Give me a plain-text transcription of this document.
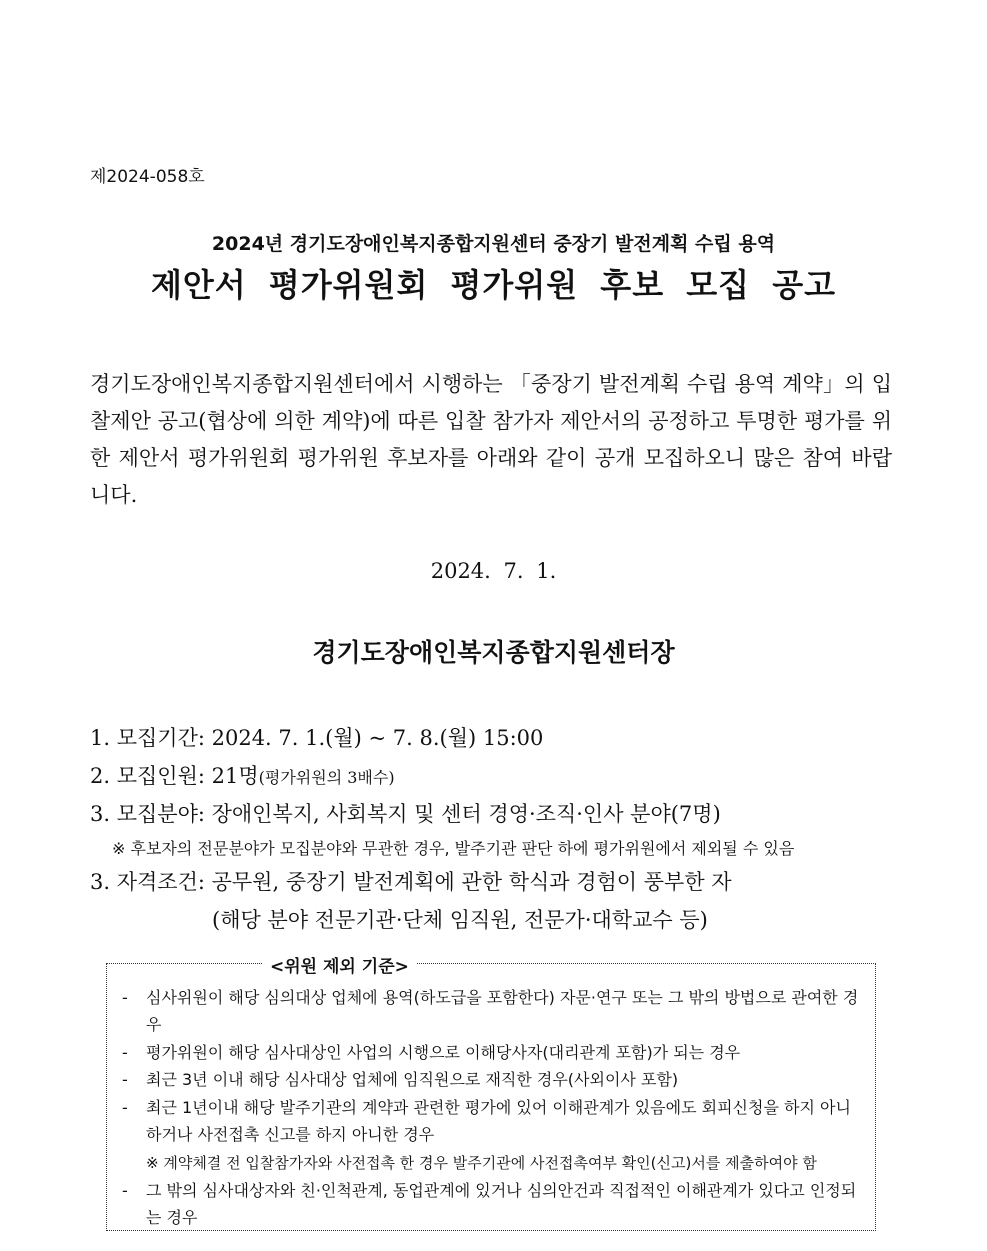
제2024-058호
2024년 경기도장애인복지종합지원센터 중장기 발전계획 수립 용역
제안서 평가위원회 평가위원 후보 모집 공고
경기도장애인복지종합지원센터에서 시행하는 「중장기 발전계획 수립 용역 계약」의 입찰제안 공고(협상에 의한 계약)에 따른 입찰 참가자 제안서의 공정하고 투명한 평가를 위한 제안서 평가위원회 평가위원 후보자를 아래와 같이 공개 모집하오니 많은 참여 바랍니다.
2024. 7. 1.
경기도장애인복지종합지원센터장
1. 모집기간: 2024. 7. 1.(월) ~ 7. 8.(월) 15:00
2. 모집인원: 21명(평가위원의 3배수)
3. 모집분야: 장애인복지, 사회복지 및 센터 경영·조직·인사 분야(7명)
※ 후보자의 전문분야가 모집분야와 무관한 경우, 발주기관 판단 하에 평가위원에서 제외될 수 있음
3. 자격조건: 공무원, 중장기 발전계획에 관한 학식과 경험이 풍부한 자
(해당 분야 전문기관·단체 임직원, 전문가·대학교수 등)
<위원 제외 기준>
- 심사위원이 해당 심의대상 업체에 용역(하도급을 포함한다) 자문·연구 또는 그 밖의 방법으로 관여한 경우
- 평가위원이 해당 심사대상인 사업의 시행으로 이해당사자(대리관계 포함)가 되는 경우
- 최근 3년 이내 해당 심사대상 업체에 임직원으로 재직한 경우(사외이사 포함)
- 최근 1년이내 해당 발주기관의 계약과 관련한 평가에 있어 이해관계가 있음에도 회피신청을 하지 아니하거나 사전접촉 신고를 하지 아니한 경우
※ 계약체결 전 입찰참가자와 사전접촉 한 경우 발주기관에 사전접촉여부 확인(신고)서를 제출하여야 함
- 그 밖의 심사대상자와 친·인척관계, 동업관계에 있거나 심의안건과 직접적인 이해관계가 있다고 인정되는 경우
